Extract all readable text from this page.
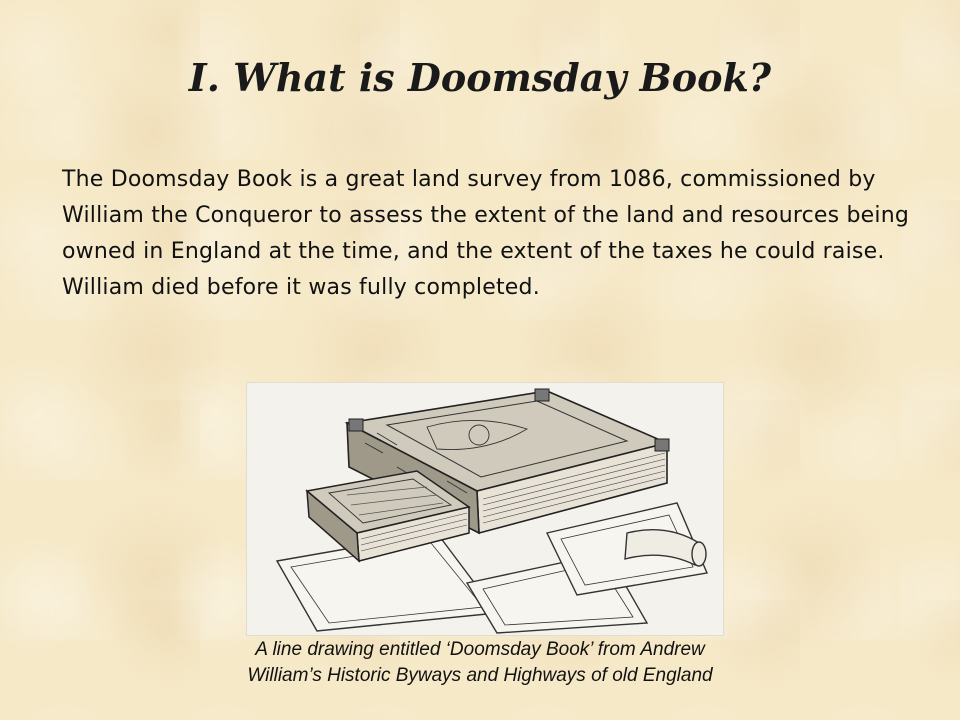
I. What is Doomsday Book?

The Doomsday Book is a great land survey from 1086, commissioned by William the Conqueror to assess the extent of the land and resources being owned in England at the time, and the extent of the taxes he could raise. William died before it was fully completed.

A line drawing entitled ‘Doomsday Book’ from Andrew
William’s Historic Byways and Highways of old England
